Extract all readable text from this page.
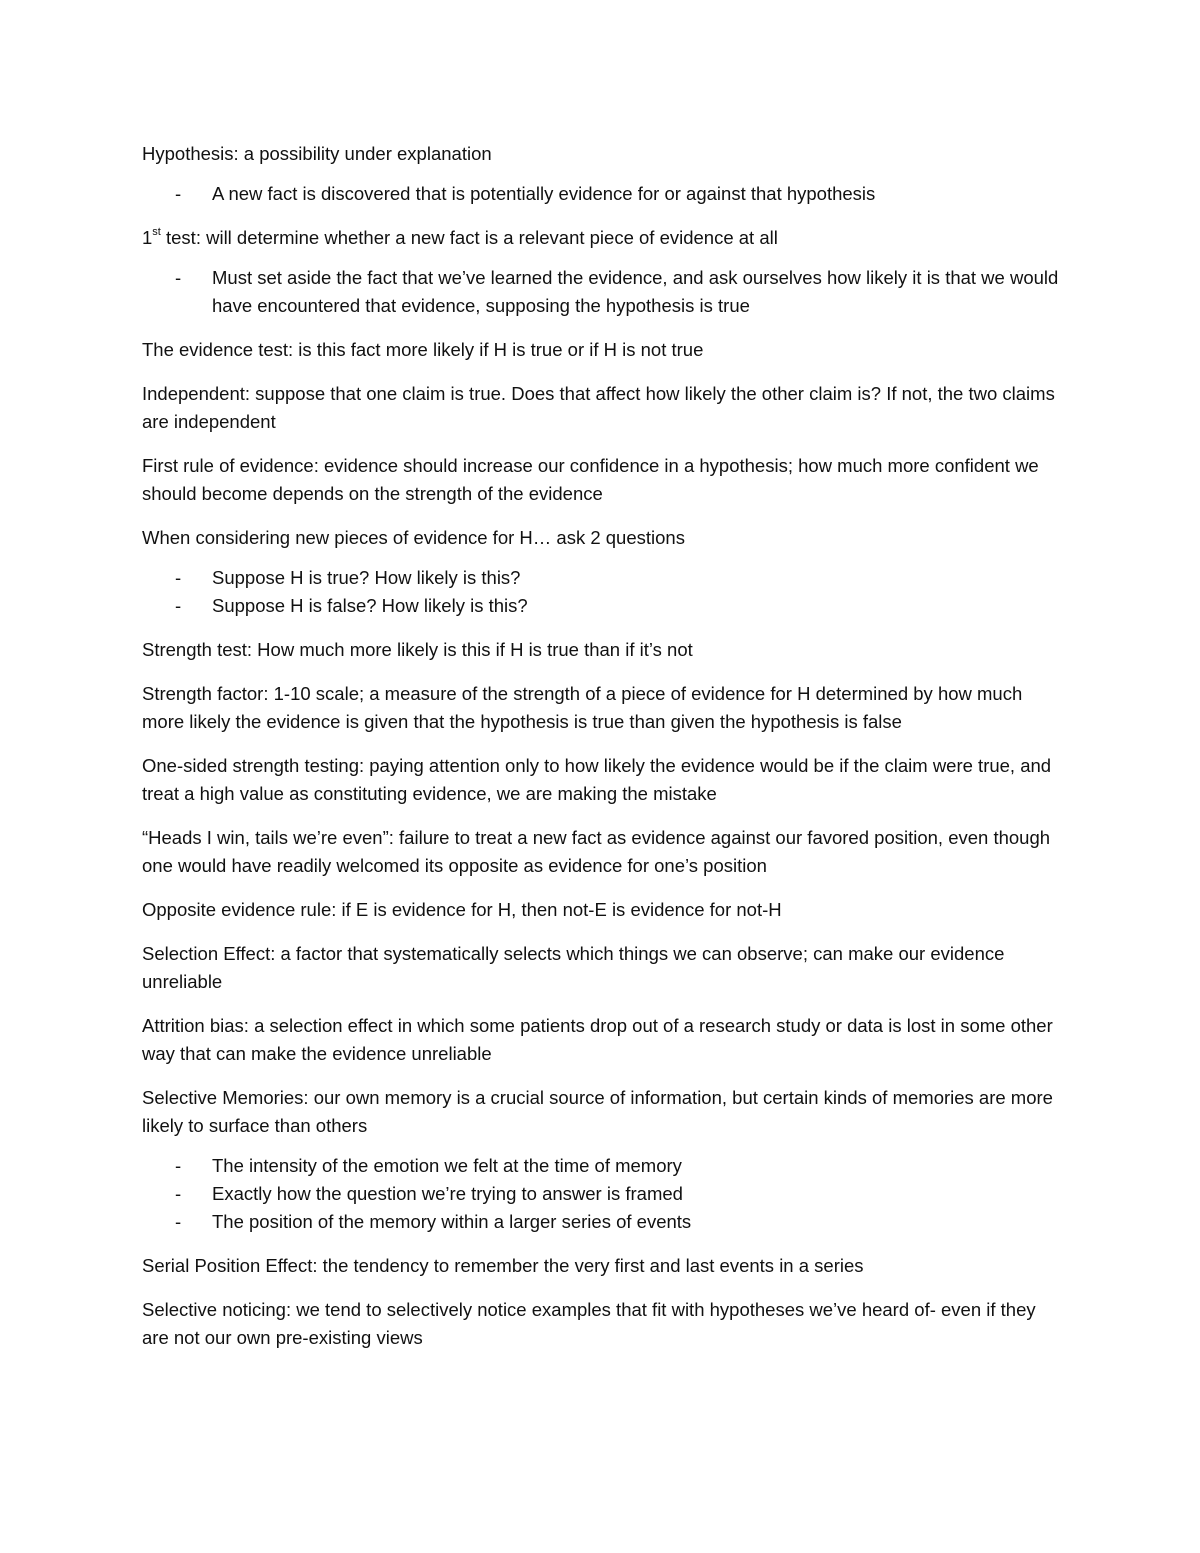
Hypothesis: a possibility under explanation

- A new fact is discovered that is potentially evidence for or against that hypothesis

1st test: will determine whether a new fact is a relevant piece of evidence at all

- Must set aside the fact that we’ve learned the evidence, and ask ourselves how likely it is that we would have encountered that evidence, supposing the hypothesis is true

The evidence test: is this fact more likely if H is true or if H is not true

Independent: suppose that one claim is true. Does that affect how likely the other claim is? If not, the two claims are independent

First rule of evidence: evidence should increase our confidence in a hypothesis; how much more confident we should become depends on the strength of the evidence

When considering new pieces of evidence for H… ask 2 questions

- Suppose H is true? How likely is this?
- Suppose H is false? How likely is this?

Strength test: How much more likely is this if H is true than if it’s not

Strength factor: 1-10 scale; a measure of the strength of a piece of evidence for H determined by how much more likely the evidence is given that the hypothesis is true than given the hypothesis is false

One-sided strength testing: paying attention only to how likely the evidence would be if the claim were true, and treat a high value as constituting evidence, we are making the mistake

“Heads I win, tails we’re even”: failure to treat a new fact as evidence against our favored position, even though one would have readily welcomed its opposite as evidence for one’s position

Opposite evidence rule: if E is evidence for H, then not-E is evidence for not-H

Selection Effect: a factor that systematically selects which things we can observe; can make our evidence unreliable

Attrition bias: a selection effect in which some patients drop out of a research study or data is lost in some other way that can make the evidence unreliable

Selective Memories: our own memory is a crucial source of information, but certain kinds of memories are more likely to surface than others

- The intensity of the emotion we felt at the time of memory
- Exactly how the question we’re trying to answer is framed
- The position of the memory within a larger series of events

Serial Position Effect: the tendency to remember the very first and last events in a series

Selective noticing: we tend to selectively notice examples that fit with hypotheses we’ve heard of- even if they are not our own pre-existing views
